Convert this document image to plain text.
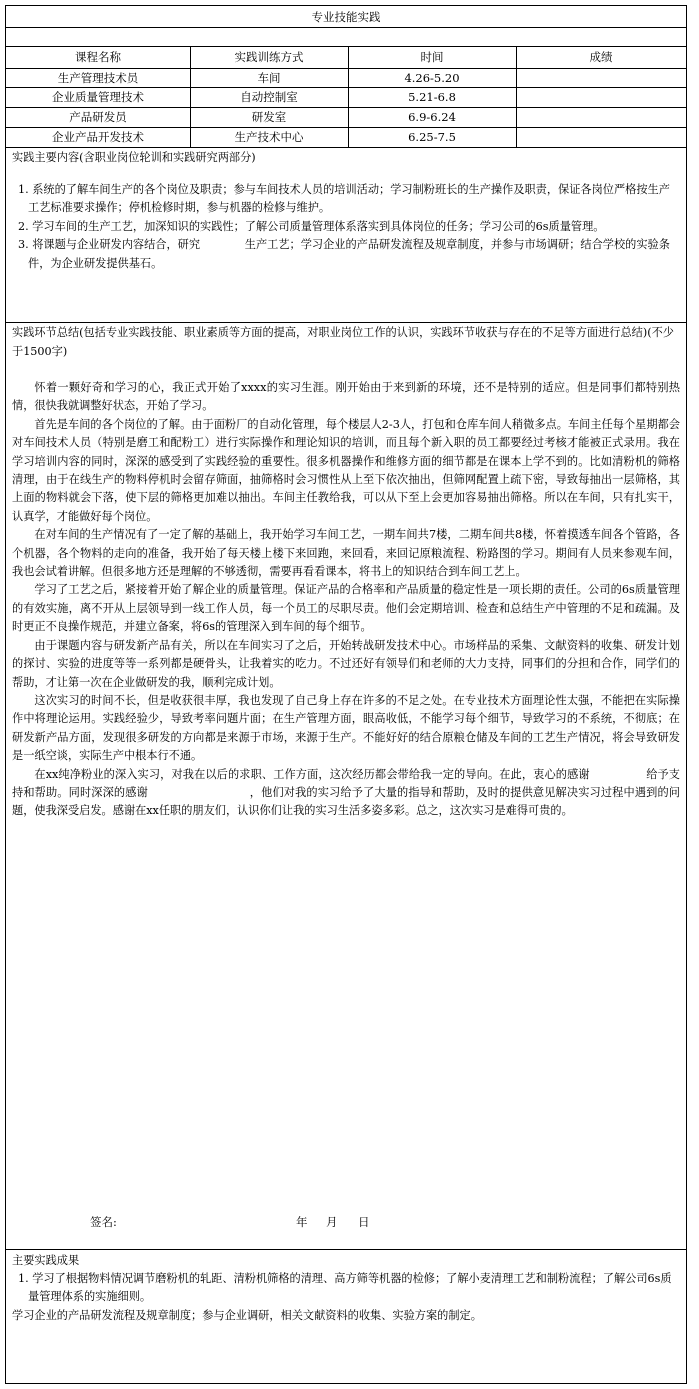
专业技能实践
课程名称	实践训练方式	时间	成绩
生产管理技术员	车间	4.26-5.20
企业质量管理技术	自动控制室	5.21-6.8
产品研发员	研发室	6.9-6.24
企业产品开发技术	生产技术中心	6.25-7.5

实践主要内容(含职业岗位轮训和实践研究两部分)

1. 系统的了解车间生产的各个岗位及职责；参与车间技术人员的培训活动；学习制粉班长的生产操作及职责，保证各岗位严格按生产工艺标准要求操作；停机检修时期，参与机器的检修与维护。

2. 学习车间的生产工艺，加深知识的实践性；了解公司质量管理体系落实到具体岗位的任务；学习公司的6s质量管理。

3. 将课题与企业研发内容结合，研究　　　　生产工艺；学习企业的产品研发流程及规章制度，并参与市场调研；结合学校的实验条件，为企业研发提供基石。

实践环节总结(包括专业实践技能、职业素质等方面的提高，对职业岗位工作的认识，实践环节收获与存在的不足等方面进行总结)(不少于1500字)

怀着一颗好奇和学习的心，我正式开始了xxxx的实习生涯。刚开始由于来到新的环境，还不是特别的适应。但是同事们都特别热情，很快我就调整好状态，开始了学习。

首先是车间的各个岗位的了解。由于面粉厂的自动化管理，每个楼层人2-3人，打包和仓库车间人稍微多点。车间主任每个星期都会对车间技术人员（特别是磨工和配粉工）进行实际操作和理论知识的培训，而且每个新入职的员工都要经过考核才能被正式录用。我在学习培训内容的同时，深深的感受到了实践经验的重要性。很多机器操作和维修方面的细节都是在课本上学不到的。比如清粉机的筛格清理，由于在线生产的物料停机时会留存筛面，抽筛格时会习惯性从上至下依次抽出，但筛网配置上疏下密，导致每抽出一层筛格，其上面的物料就会下落，使下层的筛格更加难以抽出。车间主任教给我，可以从下至上会更加容易抽出筛格。所以在车间，只有扎实干，认真学，才能做好每个岗位。

在对车间的生产情况有了一定了解的基础上，我开始学习车间工艺，一期车间共7楼，二期车间共8楼，怀着摸透车间各个管路，各个机器，各个物料的走向的准备，我开始了每天楼上楼下来回跑，来回看，来回记原粮流程、粉路图的学习。期间有人员来参观车间，我也会试着讲解。但很多地方还是理解的不够透彻，需要再看看课本，将书上的知识结合到车间工艺上。

学习了工艺之后，紧接着开始了解企业的质量管理。保证产品的合格率和产品质量的稳定性是一项长期的责任。公司的6s质量管理的有效实施，离不开从上层领导到一线工作人员，每一个员工的尽职尽责。他们会定期培训、检查和总结生产中管理的不足和疏漏。及时更正不良操作规范，并建立备案，将6s的管理深入到车间的每个细节。

由于课题内容与研发新产品有关，所以在车间实习了之后，开始转战研发技术中心。市场样品的采集、文献资料的收集、研发计划的探讨、实验的进度等等一系列都是硬骨头，让我着实的吃力。不过还好有领导们和老师的大力支持，同事们的分担和合作，同学们的帮助，才让第一次在企业做研发的我，顺利完成计划。

这次实习的时间不长，但是收获很丰厚，我也发现了自己身上存在许多的不足之处。在专业技术方面理论性太强，不能把在实际操作中将理论运用。实践经验少，导致考率问题片面；在生产管理方面，眼高收低，不能学习每个细节，导致学习的不系统，不彻底；在研发新产品方面，发现很多研发的方向都是来源于市场，来源于生产。不能好好的结合原粮仓储及车间的工艺生产情况，将会导致研发是一纸空谈，实际生产中根本行不通。

在xx纯净粉业的深入实习，对我在以后的求职、工作方面，这次经历都会带给我一定的导向。在此，衷心的感谢　　　　　给予支持和帮助。同时深深的感谢　　　　　　　　　，他们对我的实习给予了大量的指导和帮助，及时的提供意见解决实习过程中遇到的问题，使我深受启发。感谢在xx任职的朋友们，认识你们让我的实习生活多姿多彩。总之，这次实习是难得可贵的。

签名:	年 月 日

主要实践成果

1. 学习了根据物料情况调节磨粉机的轧距、清粉机筛格的清理、高方筛等机器的检修；了解小麦清理工艺和制粉流程；了解公司6s质量管理体系的实施细则。

学习企业的产品研发流程及规章制度；参与企业调研，相关文献资料的收集、实验方案的制定。
